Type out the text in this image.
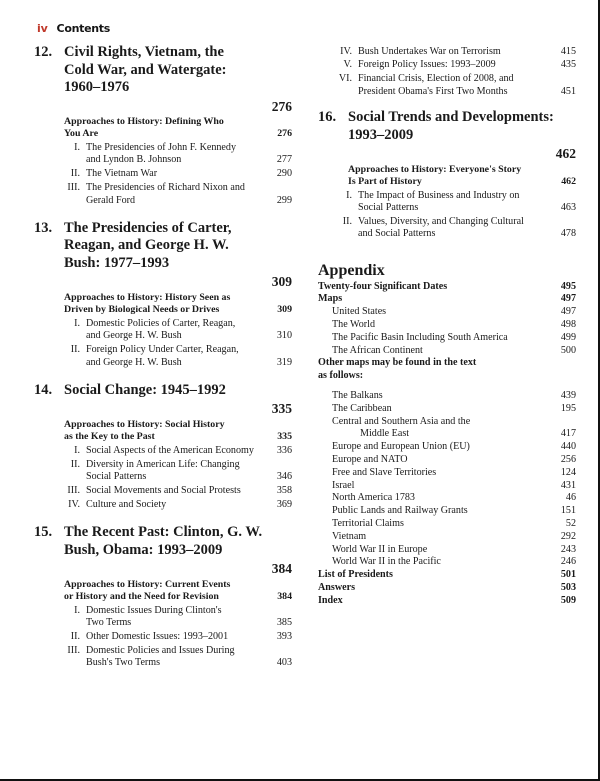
iv Contents
12. Civil Rights, Vietnam, the
Cold War, and Watergate:
1960–1976
276
Approaches to History: Defining Who
You Are	276
I. The Presidencies of John F. Kennedy
and Lyndon B. Johnson	277
II. The Vietnam War	290
III. The Presidencies of Richard Nixon and
Gerald Ford	299
13. The Presidencies of Carter,
Reagan, and George H. W.
Bush: 1977–1993
309
Approaches to History: History Seen as
Driven by Biological Needs or Drives	309
I. Domestic Policies of Carter, Reagan,
and George H. W. Bush	310
II. Foreign Policy Under Carter, Reagan,
and George H. W. Bush	319
14. Social Change: 1945–1992
335
Approaches to History: Social History
as the Key to the Past	335
I. Social Aspects of the American Economy	336
II. Diversity in American Life: Changing
Social Patterns	346
III. Social Movements and Social Protests	358
IV. Culture and Society	369
15. The Recent Past: Clinton, G. W.
Bush, Obama: 1993–2009
384
Approaches to History: Current Events
or History and the Need for Revision	384
I. Domestic Issues During Clinton's
Two Terms	385
II. Other Domestic Issues: 1993–2001	393
III. Domestic Policies and Issues During
Bush's Two Terms	403
IV. Bush Undertakes War on Terrorism	415
V. Foreign Policy Issues: 1993–2009	435
VI. Financial Crisis, Election of 2008, and
President Obama's First Two Months	451
16. Social Trends and Developments:
1993–2009
462
Approaches to History: Everyone's Story
Is Part of History	462
I. The Impact of Business and Industry on
Social Patterns	463
II. Values, Diversity, and Changing Cultural
and Social Patterns	478
Appendix
Twenty-four Significant Dates	495
Maps	497
United States	497
The World	498
The Pacific Basin Including South America	499
The African Continent	500
Other maps may be found in the text
as follows:
The Balkans	439
The Caribbean	195
Central and Southern Asia and the
Middle East	417
Europe and European Union (EU)	440
Europe and NATO	256
Free and Slave Territories	124
Israel	431
North America 1783	46
Public Lands and Railway Grants	151
Territorial Claims	52
Vietnam	292
World War II in Europe	243
World War II in the Pacific	246
List of Presidents	501
Answers	503
Index	509
